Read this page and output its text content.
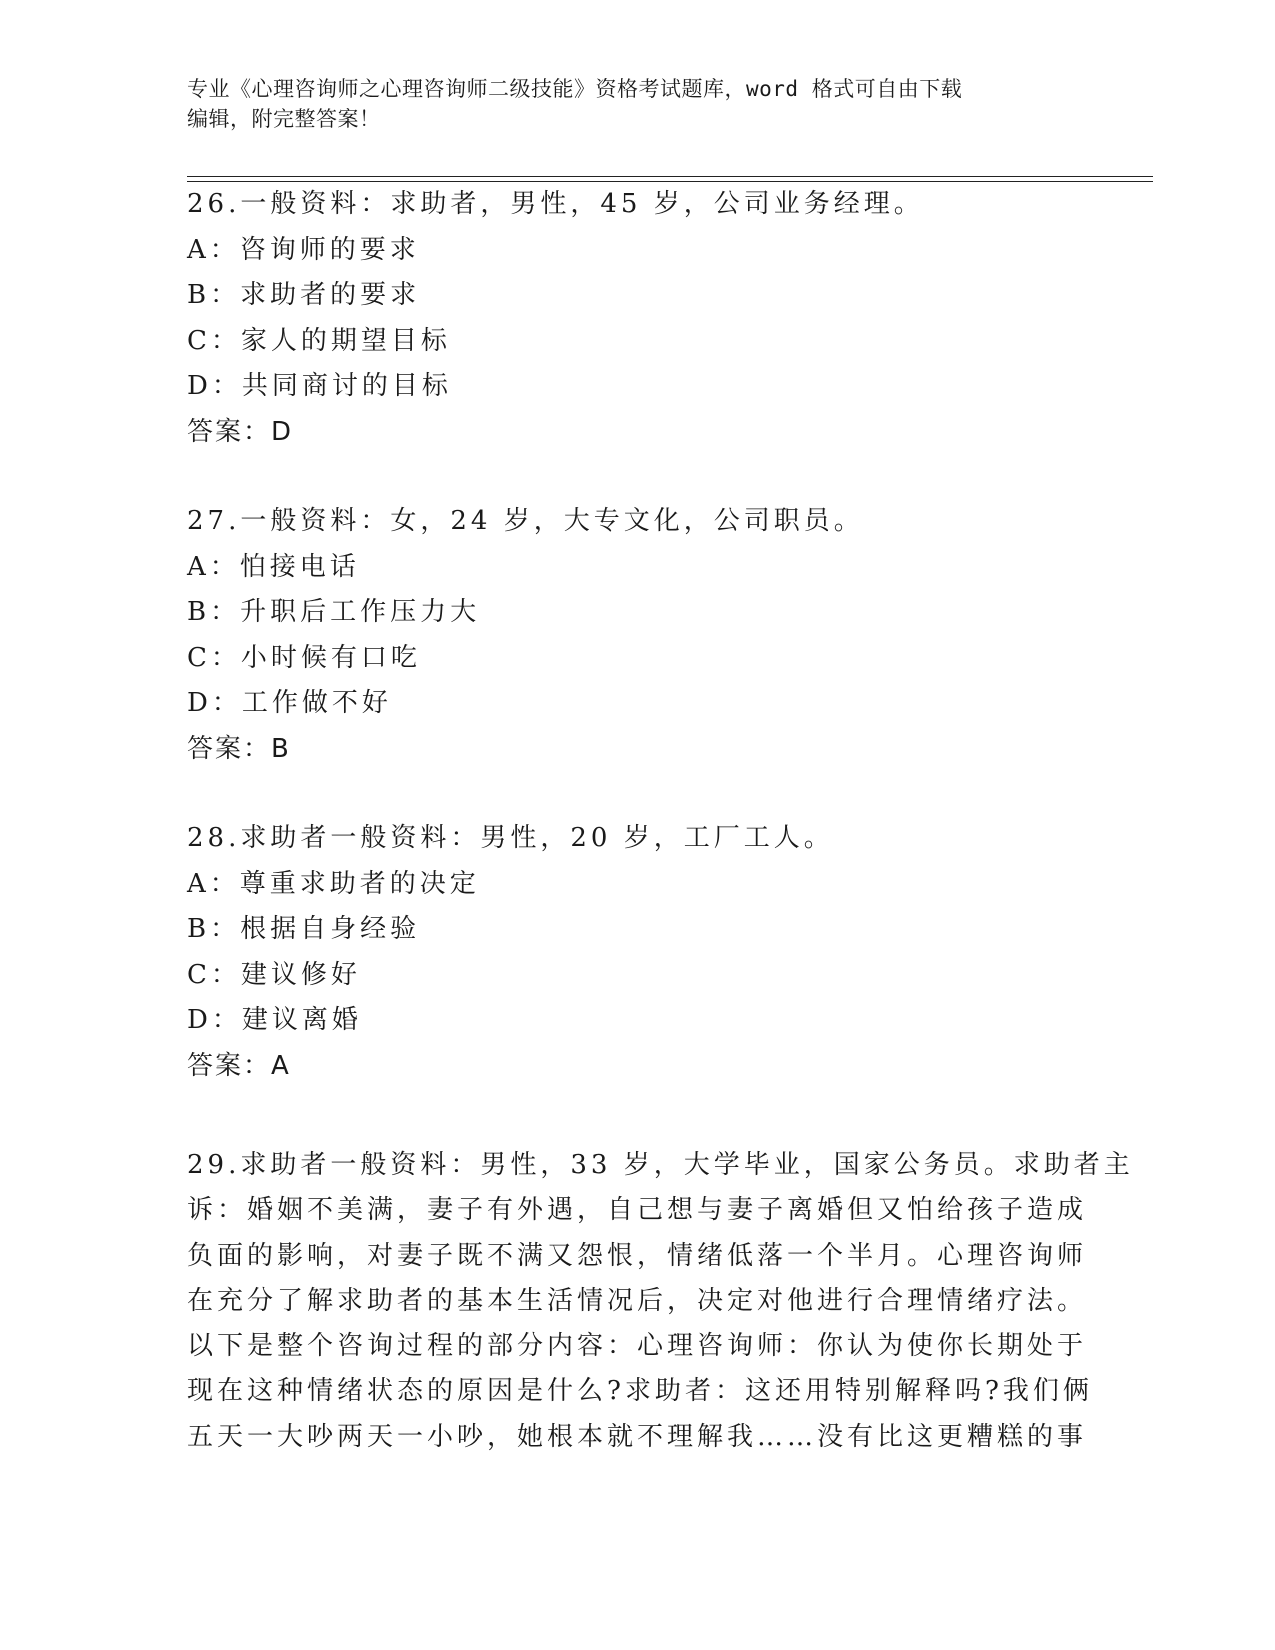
专业《心理咨询师之心理咨询师二级技能》资格考试题库，word 格式可自由下载
编辑，附完整答案！
26.一般资料：求助者，男性，45 岁，公司业务经理。
A：咨询师的要求
B：求助者的要求
C：家人的期望目标
D：共同商讨的目标
答案：D
27.一般资料：女，24 岁，大专文化，公司职员。
A：怕接电话
B：升职后工作压力大
C：小时候有口吃
D：工作做不好
答案：B
28.求助者一般资料：男性，20 岁，工厂工人。
A：尊重求助者的决定
B：根据自身经验
C：建议修好
D：建议离婚
答案：A
29.求助者一般资料：男性，33 岁，大学毕业，国家公务员。求助者主
诉：婚姻不美满，妻子有外遇，自己想与妻子离婚但又怕给孩子造成
负面的影响，对妻子既不满又怨恨，情绪低落一个半月。心理咨询师
在充分了解求助者的基本生活情况后，决定对他进行合理情绪疗法。
以下是整个咨询过程的部分内容：心理咨询师：你认为使你长期处于
现在这种情绪状态的原因是什么?求助者：这还用特别解释吗?我们俩
五天一大吵两天一小吵，她根本就不理解我……没有比这更糟糕的事
